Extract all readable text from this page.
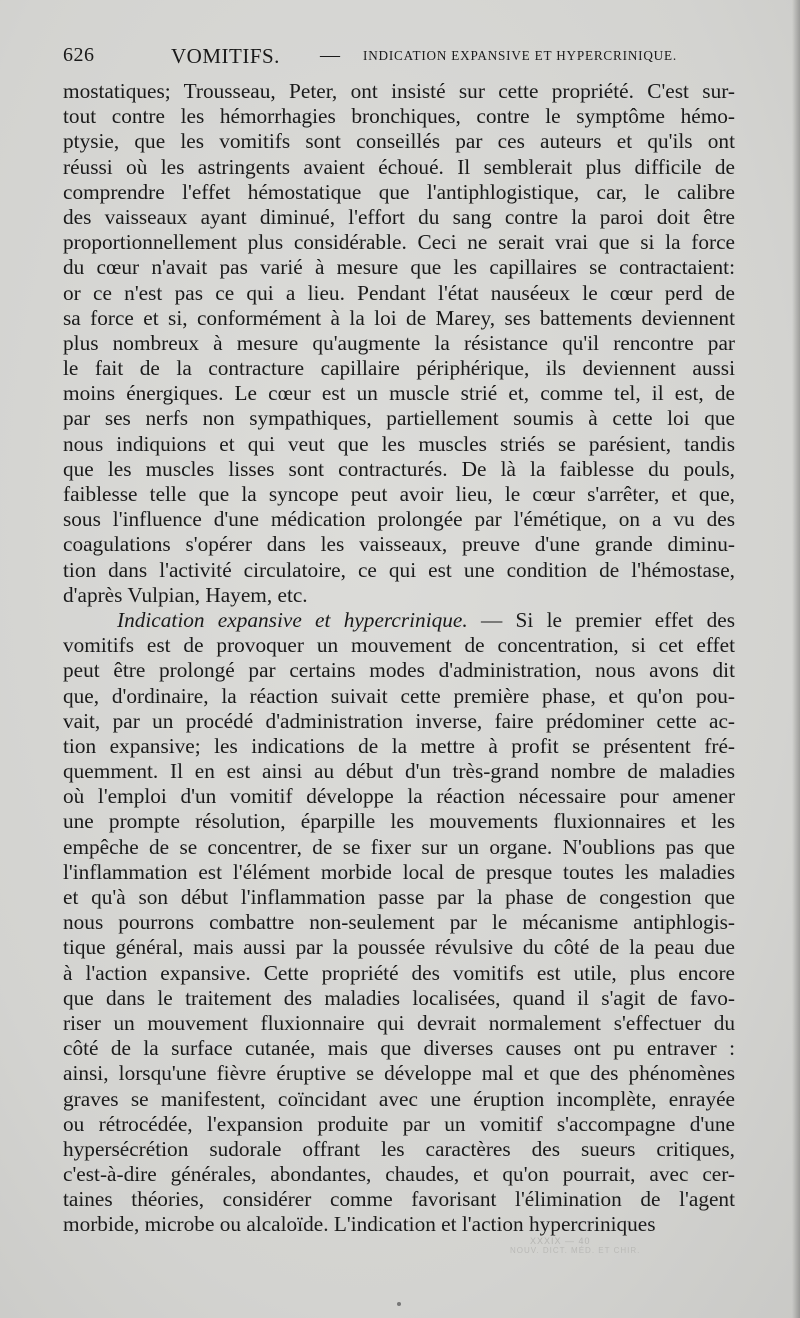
626	VOMITIFS. — INDICATION EXPANSIVE ET HYPERCRINIQUE.
mostatiques; Trousseau, Peter, ont insisté sur cette propriété. C'est sur-
tout contre les hémorrhagies bronchiques, contre le symptôme hémo-
ptysie, que les vomitifs sont conseillés par ces auteurs et qu'ils ont
réussi où les astringents avaient échoué. Il semblerait plus difficile de
comprendre l'effet hémostatique que l'antiphlogistique, car, le calibre
des vaisseaux ayant diminué, l'effort du sang contre la paroi doit être
proportionnellement plus considérable. Ceci ne serait vrai que si la force
du cœur n'avait pas varié à mesure que les capillaires se contractaient:
or ce n'est pas ce qui a lieu. Pendant l'état nauséeux le cœur perd de
sa force et si, conformément à la loi de Marey, ses battements deviennent
plus nombreux à mesure qu'augmente la résistance qu'il rencontre par
le fait de la contracture capillaire périphérique, ils deviennent aussi
moins énergiques. Le cœur est un muscle strié et, comme tel, il est, de
par ses nerfs non sympathiques, partiellement soumis à cette loi que
nous indiquions et qui veut que les muscles striés se parésient, tandis
que les muscles lisses sont contracturés. De là la faiblesse du pouls,
faiblesse telle que la syncope peut avoir lieu, le cœur s'arrêter, et que,
sous l'influence d'une médication prolongée par l'émétique, on a vu des
coagulations s'opérer dans les vaisseaux, preuve d'une grande diminu-
tion dans l'activité circulatoire, ce qui est une condition de l'hémostase,
d'après Vulpian, Hayem, etc.
Indication expansive et hypercrinique. — Si le premier effet des
vomitifs est de provoquer un mouvement de concentration, si cet effet
peut être prolongé par certains modes d'administration, nous avons dit
que, d'ordinaire, la réaction suivait cette première phase, et qu'on pou-
vait, par un procédé d'administration inverse, faire prédominer cette ac-
tion expansive; les indications de la mettre à profit se présentent fré-
quemment. Il en est ainsi au début d'un très-grand nombre de maladies
où l'emploi d'un vomitif développe la réaction nécessaire pour amener
une prompte résolution, éparpille les mouvements fluxionnaires et les
empêche de se concentrer, de se fixer sur un organe. N'oublions pas que
l'inflammation est l'élément morbide local de presque toutes les maladies
et qu'à son début l'inflammation passe par la phase de congestion que
nous pourrons combattre non-seulement par le mécanisme antiphlogis-
tique général, mais aussi par la poussée révulsive du côté de la peau due
à l'action expansive. Cette propriété des vomitifs est utile, plus encore
que dans le traitement des maladies localisées, quand il s'agit de favo-
riser un mouvement fluxionnaire qui devrait normalement s'effectuer du
côté de la surface cutanée, mais que diverses causes ont pu entraver :
ainsi, lorsqu'une fièvre éruptive se développe mal et que des phénomènes
graves se manifestent, coïncidant avec une éruption incomplète, enrayée
ou rétrocédée, l'expansion produite par un vomitif s'accompagne d'une
hypersécrétion sudorale offrant les caractères des sueurs critiques,
c'est-à-dire générales, abondantes, chaudes, et qu'on pourrait, avec cer-
taines théories, considérer comme favorisant l'élimination de l'agent
morbide, microbe ou alcaloïde. L'indication et l'action hypercriniques
XXXIX — 40
NOUV. DICT. MÉD. ET CHIR.
